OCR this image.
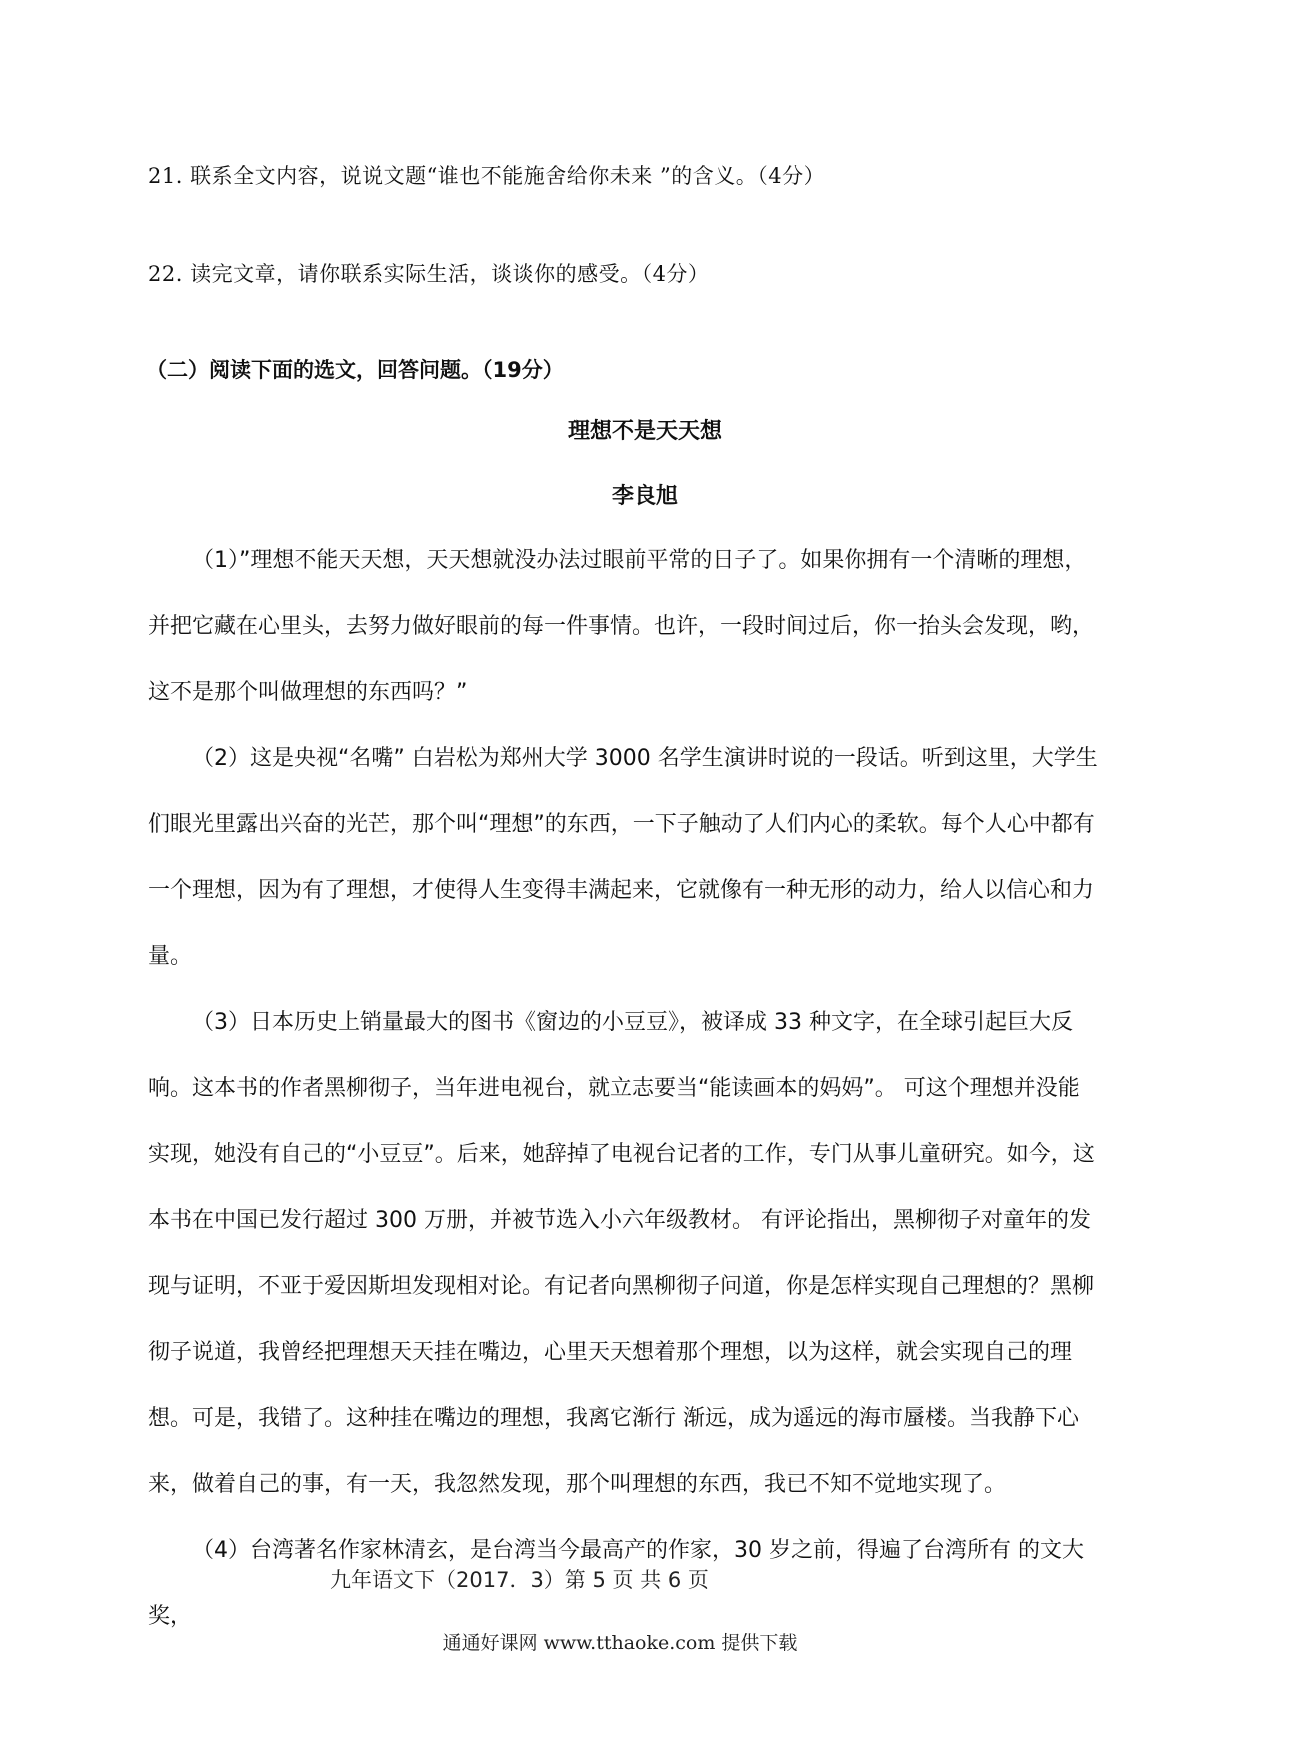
21. 联系全文内容，说说文题“谁也不能施舍给你未来 ”的含义。（4分）
22. 读完文章，请你联系实际生活，谈谈你的感受。（4分）
（二）阅读下面的选文，回答问题。（19分）
理想不是天天想
李良旭

（1）”理想不能天天想，天天想就没办法过眼前平常的日子了。如果你拥有一个清晰的理想，并把它藏在心里头，去努力做好眼前的每一件事情。也许，一段时间过后，你一抬头会发现，哟，这不是那个叫做理想的东西吗？”

（2）这是央视“名嘴” 白岩松为郑州大学 3000 名学生演讲时说的一段话。听到这里，大学生们眼光里露出兴奋的光芒，那个叫“理想”的东西，一下子触动了人们内心的柔软。每个人心中都有一个理想，因为有了理想，才使得人生变得丰满起来，它就像有一种无形的动力，给人以信心和力量。

（3）日本历史上销量最大的图书《窗边的小豆豆》，被译成 33 种文字，在全球引起巨大反响。这本书的作者黑柳彻子，当年进电视台，就立志要当“能读画本的妈妈”。 可这个理想并没能实现，她没有自己的“小豆豆”。后来，她辞掉了电视台记者的工作，专门从事儿童研究。如今，这本书在中国已发行超过 300 万册，并被节选入小六年级教材。 有评论指出，黑柳彻子对童年的发现与证明，不亚于爱因斯坦发现相对论。有记者向黑柳彻子问道，你是怎样实现自己理想的？黑柳彻子说道，我曾经把理想天天挂在嘴边，心里天天想着那个理想，以为这样，就会实现自己的理想。可是，我错了。这种挂在嘴边的理想，我离它渐行 渐远，成为遥远的海市蜃楼。当我静下心来，做着自己的事，有一天，我忽然发现，那个叫理想的东西，我已不知不觉地实现了。

（4）台湾著名作家林清玄，是台湾当今最高产的作家，30 岁之前，得遍了台湾所有 的文大奖，

九年语文下（2017．3）第 5 页 共 6 页
通通好课网 www.tthaoke.com 提供下载
